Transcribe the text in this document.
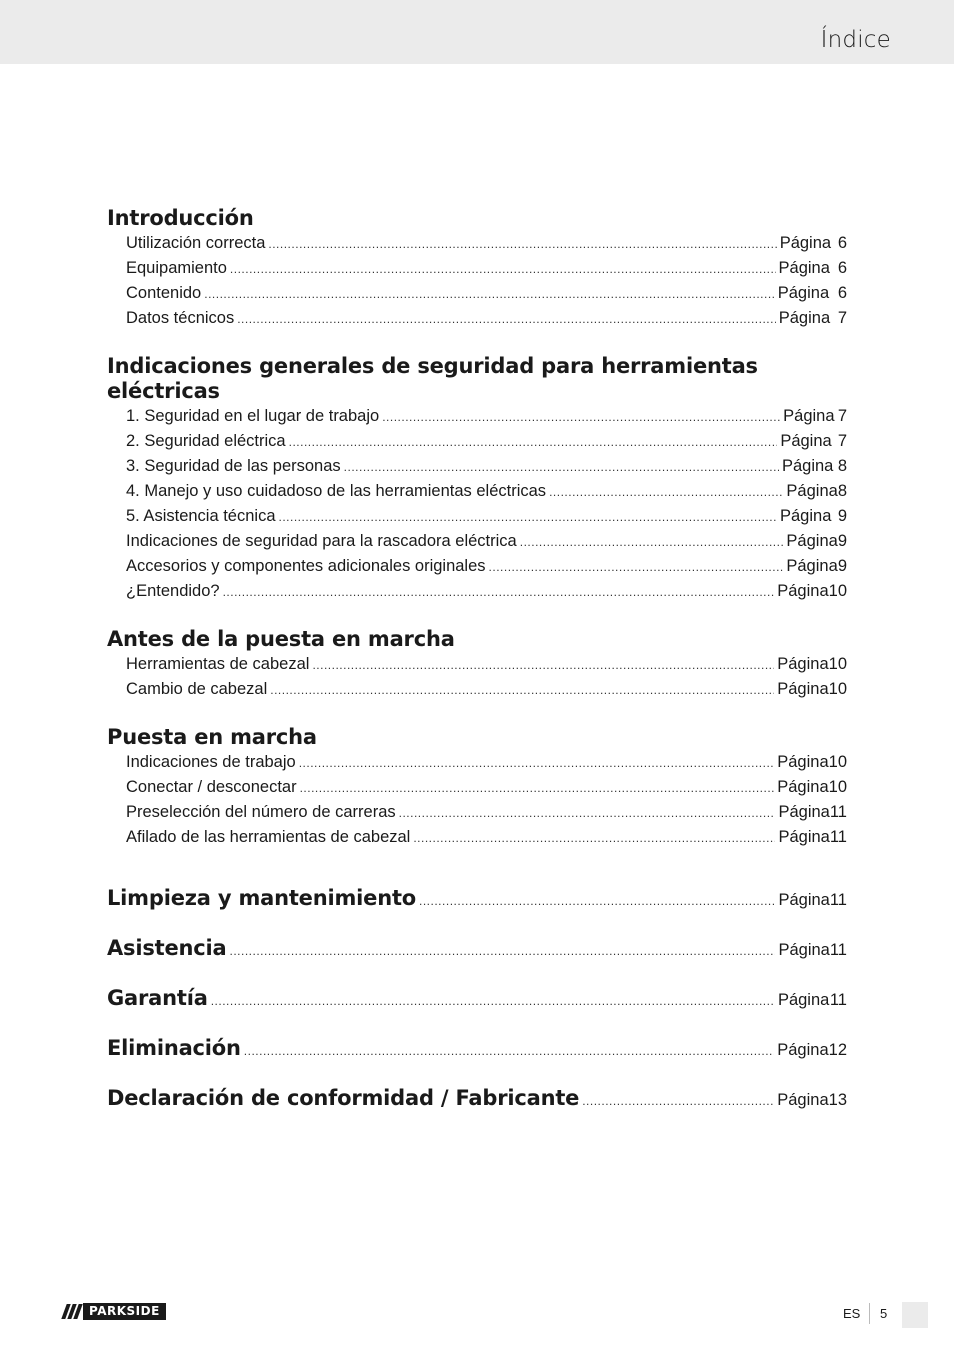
Índice
Introducción
Utilización correcta .....	Página 6
Equipamiento .....	Página 6
Contenido .....	Página 6
Datos técnicos .....	Página 7
Indicaciones generales de seguridad para herramientas eléctricas
1. Seguridad en el lugar de trabajo .....	Página 7
2. Seguridad eléctrica .....	Página 7
3. Seguridad de las personas .....	Página 8
4. Manejo y uso cuidadoso de las herramientas eléctricas .....	Página 8
5. Asistencia técnica .....	Página 9
Indicaciones de seguridad para la rascadora eléctrica .....	Página 9
Accesorios y componentes adicionales originales .....	Página 9
¿Entendido? .....	Página 10
Antes de la puesta en marcha
Herramientas de cabezal .....	Página 10
Cambio de cabezal .....	Página 10
Puesta en marcha
Indicaciones de trabajo .....	Página 10
Conectar / desconectar .....	Página 10
Preselección del número de carreras .....	Página 11
Afilado de las herramientas de cabezal .....	Página 11
Limpieza y mantenimiento .....	Página 11
Asistencia .....	Página 11
Garantía .....	Página 11
Eliminación .....	Página 12
Declaración de conformidad / Fabricante .....	Página 13
PARKSIDE	ES 5
